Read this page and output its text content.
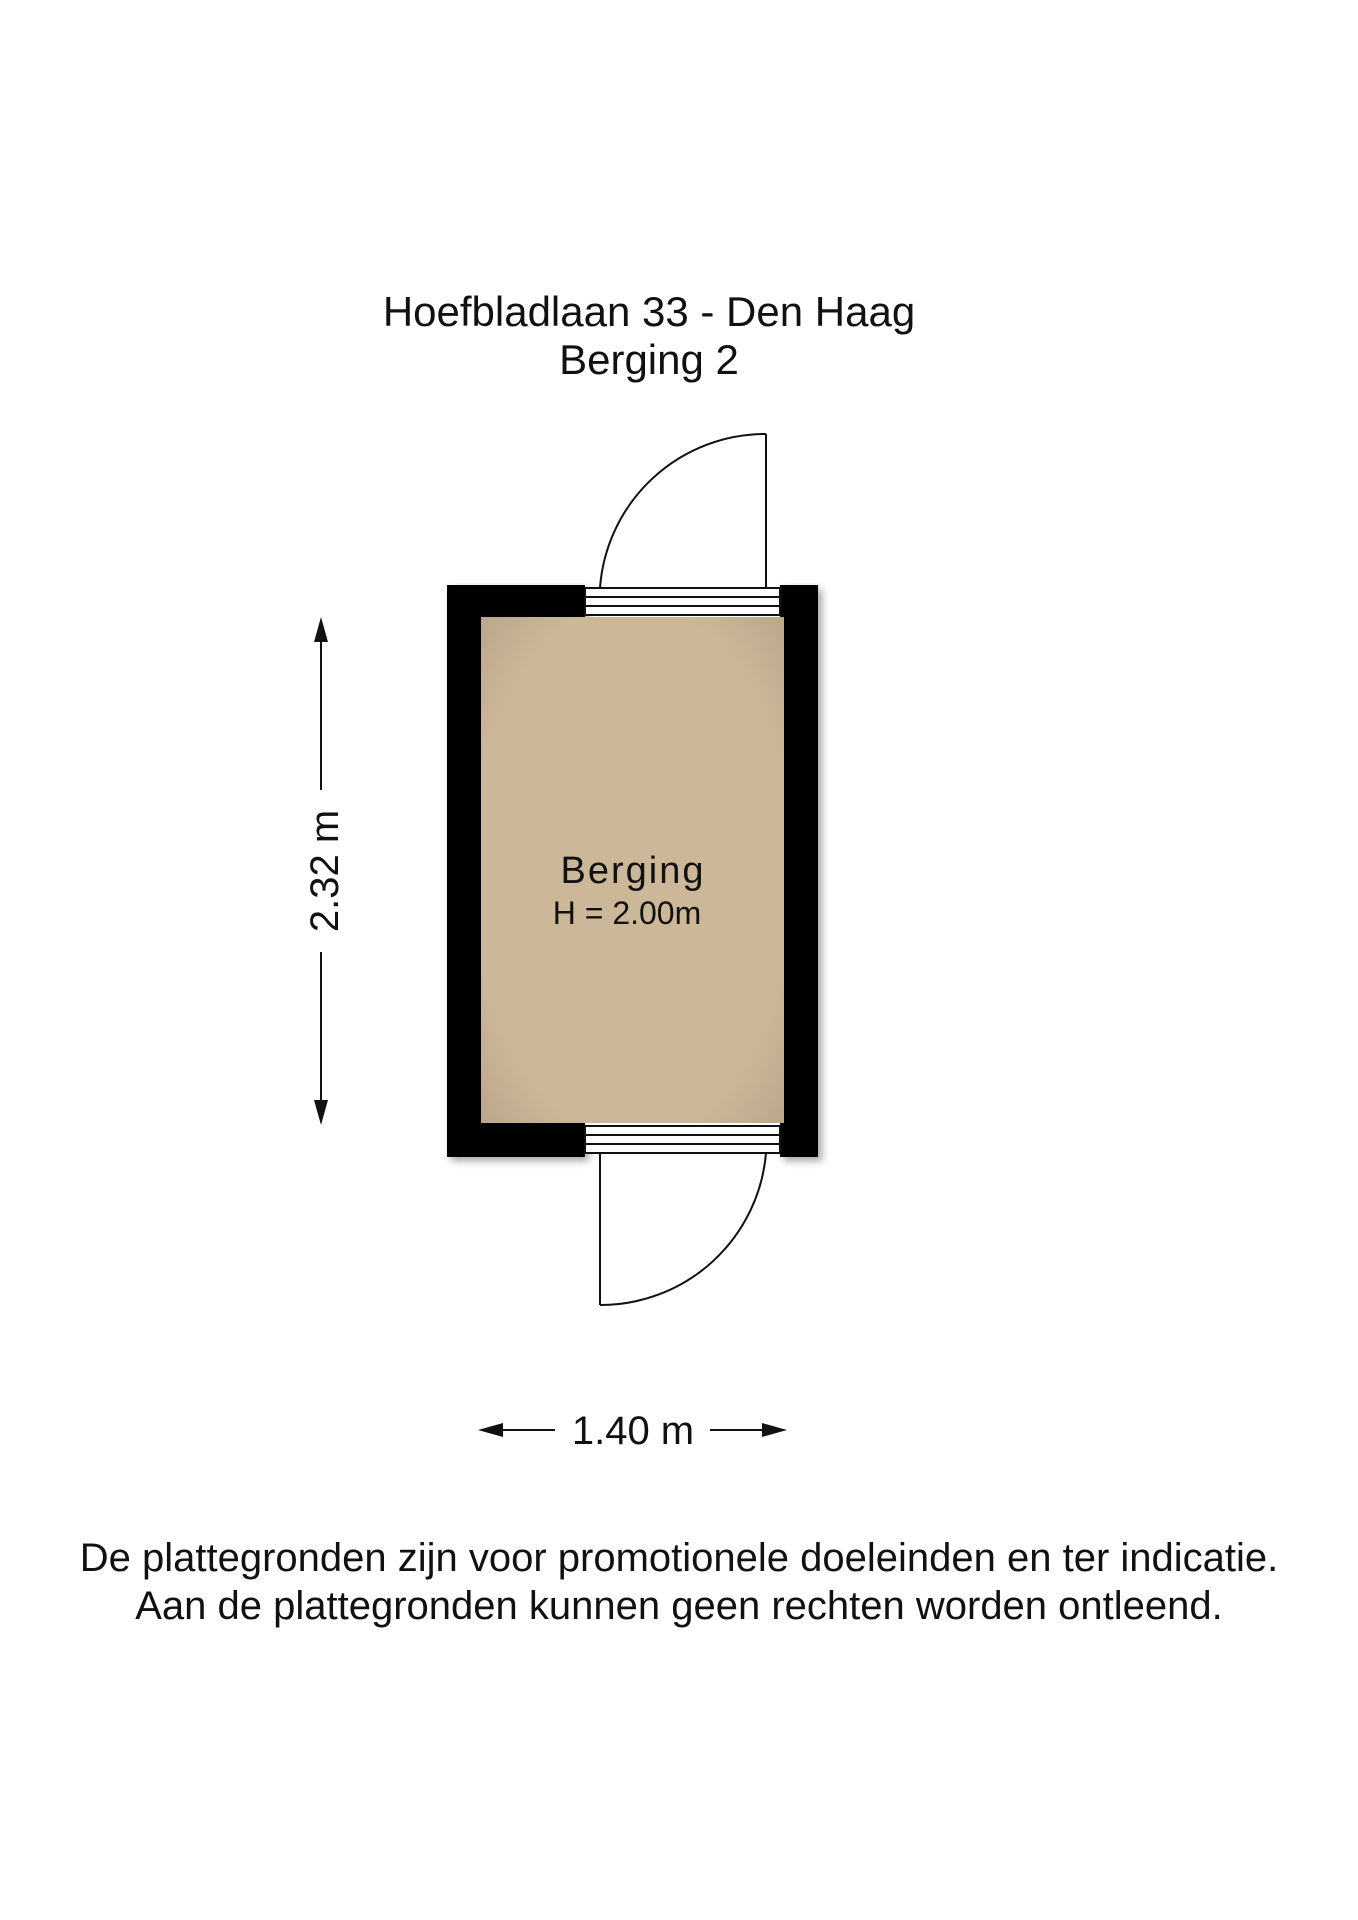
Hoefbladlaan 33 - Den Haag
Berging 2
Berging
H = 2.00m
2.32 m
1.40 m
De plattegronden zijn voor promotionele doeleinden en ter indicatie.
Aan de plattegronden kunnen geen rechten worden ontleend.
